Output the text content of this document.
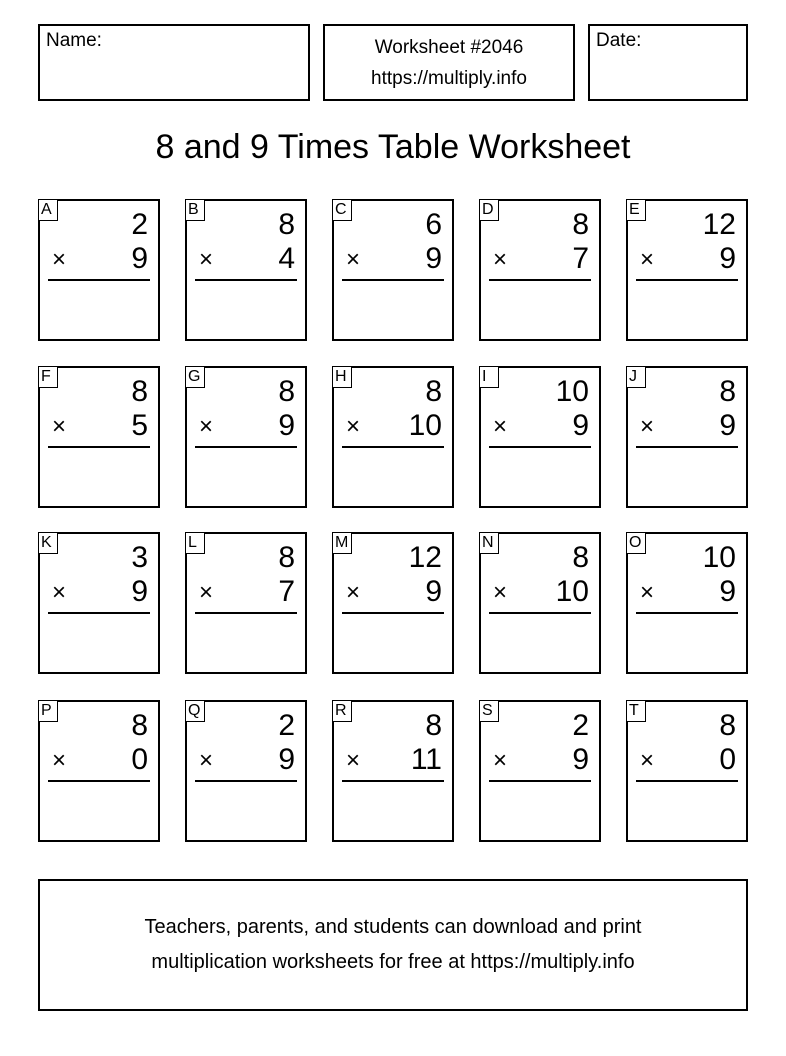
Name:	Worksheet #2046
https://multiply.info
Date:
8 and 9 Times Table Worksheet
A	2
× 9
B	8
× 4
C	6
× 9
D	8
× 7
E 12
× 9
F	8
× 5
G	8
× 9
H	8
× 10
I	10
× 9
J	8
× 9
K	3
× 9
L	8
× 7
M 12
× 9
N	8
× 10
O 10
× 9
P	8
× 0
Q	2
× 9
R	8
× 11
S	2
× 9
T	8
× 0
Teachers, parents, and students can download and print
multiplication worksheets for free at https://multiply.info
